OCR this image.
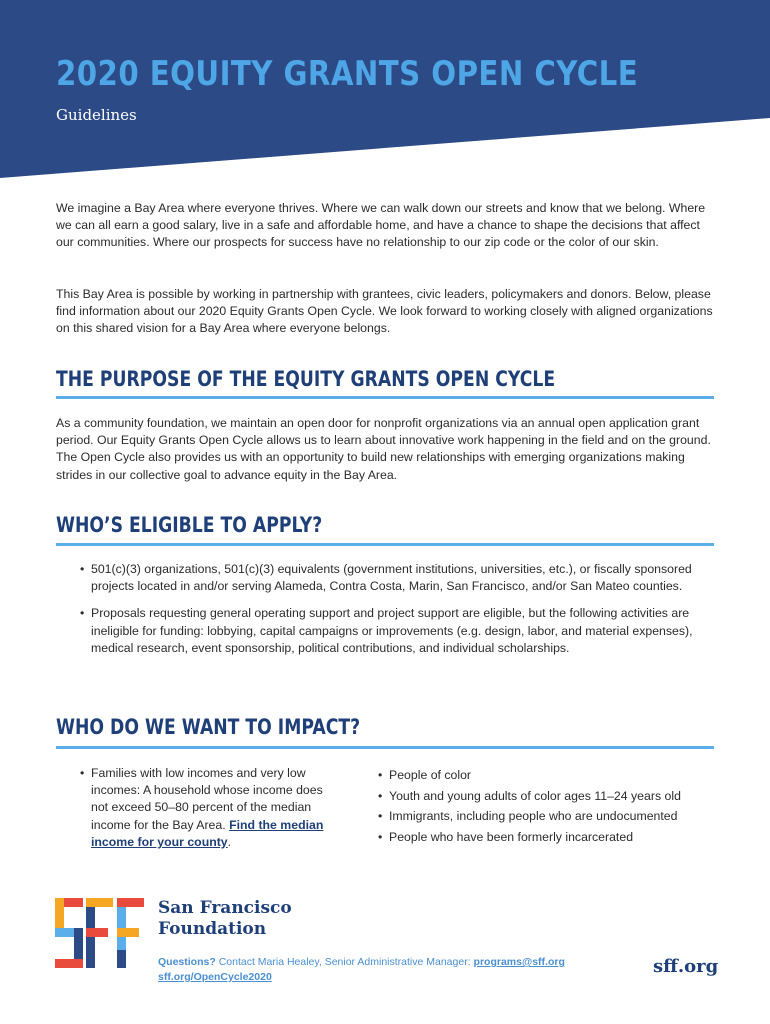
2020 EQUITY GRANTS OPEN CYCLE
Guidelines

We imagine a Bay Area where everyone thrives. Where we can walk down our streets and know that we belong. Where we can all earn a good salary, live in a safe and affordable home, and have a chance to shape the decisions that affect our communities. Where our prospects for success have no relationship to our zip code or the color of our skin.

This Bay Area is possible by working in partnership with grantees, civic leaders, policymakers and donors. Below, please find information about our 2020 Equity Grants Open Cycle. We look forward to working closely with aligned organizations on this shared vision for a Bay Area where everyone belongs.

THE PURPOSE OF THE EQUITY GRANTS OPEN CYCLE

As a community foundation, we maintain an open door for nonprofit organizations via an annual open application grant period. Our Equity Grants Open Cycle allows us to learn about innovative work happening in the field and on the ground. The Open Cycle also provides us with an opportunity to build new relationships with emerging organizations making strides in our collective goal to advance equity in the Bay Area.

WHO’S ELIGIBLE TO APPLY?
• 501(c)(3) organizations, 501(c)(3) equivalents (government institutions, universities, etc.), or fiscally sponsored projects located in and/or serving Alameda, Contra Costa, Marin, San Francisco, and/or San Mateo counties.
• Proposals requesting general operating support and project support are eligible, but the following activities are ineligible for funding: lobbying, capital campaigns or improvements (e.g. design, labor, and material expenses), medical research, event sponsorship, political contributions, and individual scholarships.
WHO DO WE WANT TO IMPACT?
• Families with low incomes and very low incomes: A household whose income does not exceed 50–80 percent of the median income for the Bay Area. Find the median income for your county.
• People of color
• Youth and young adults of color ages 11–24 years old
• Immigrants, including people who are undocumented
• People who have been formerly incarcerated
San Francisco
Foundation
Questions? Contact Maria Healey, Senior Administrative Manager: programs@sff.org
sff.org/OpenCycle2020	sff.org
